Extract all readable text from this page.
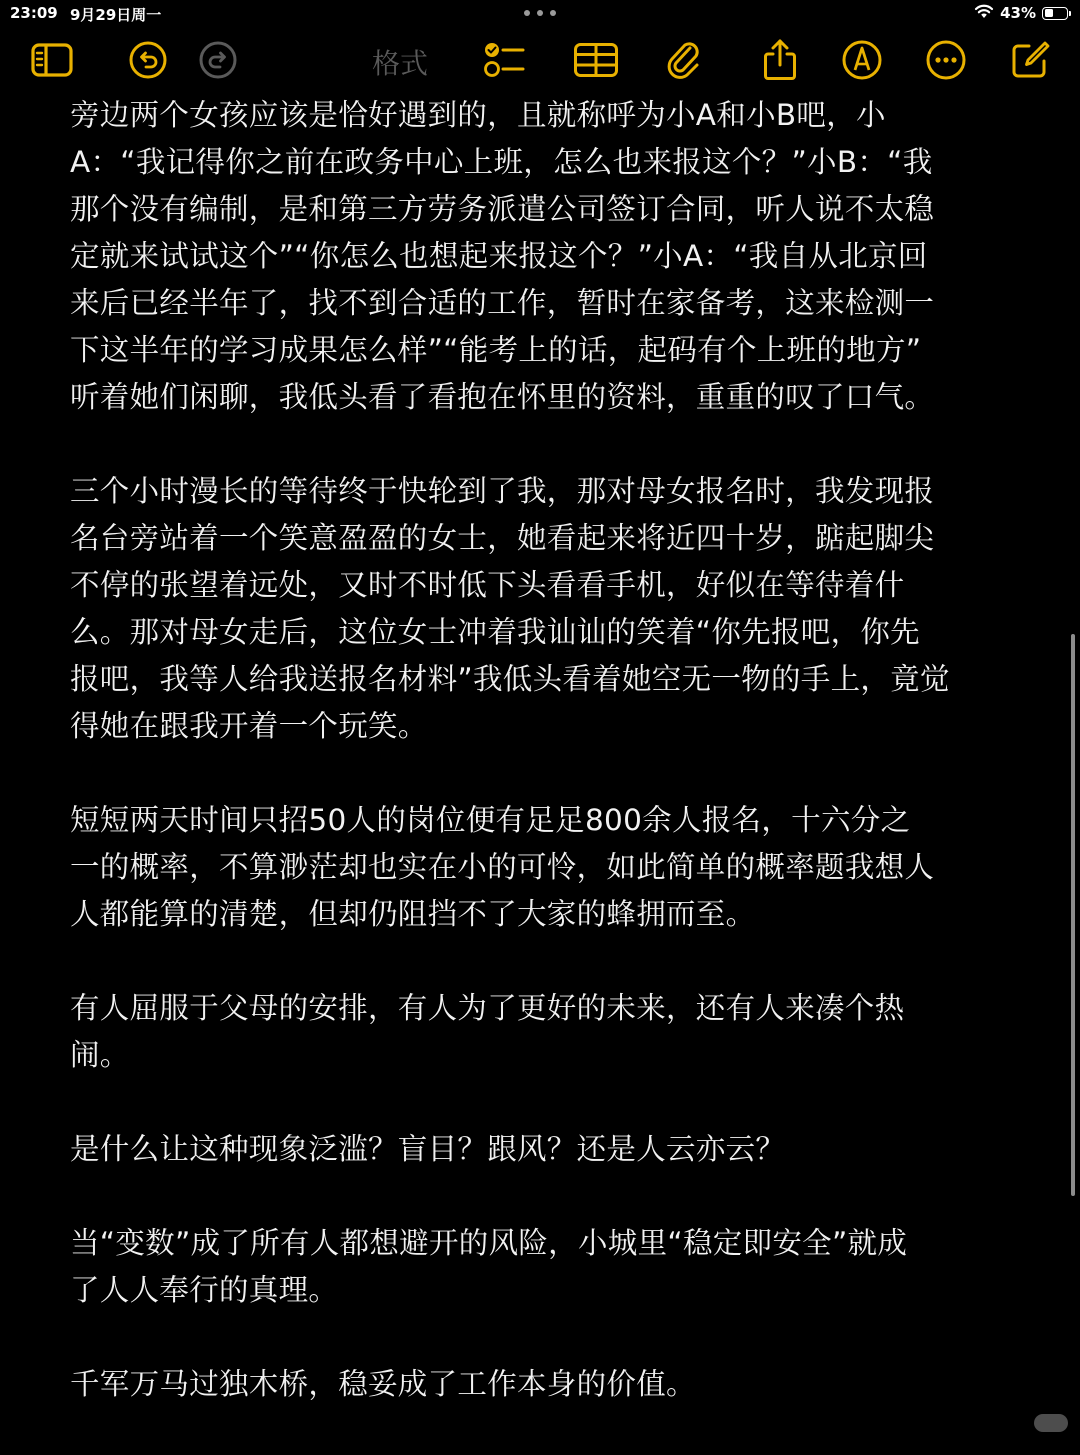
23:09 9月29日周一	43%
格式

旁边两个女孩应该是恰好遇到的，且就称呼为小A和小B吧，小
A：“我记得你之前在政务中心上班，怎么也来报这个？”小B：“我
那个没有编制，是和第三方劳务派遣公司签订合同，听人说不太稳
定就来试试这个”“你怎么也想起来报这个？”小A：“我自从北京回
来后已经半年了，找不到合适的工作，暂时在家备考，这来检测一
下这半年的学习成果怎么样”“能考上的话，起码有个上班的地方”
听着她们闲聊，我低头看了看抱在怀里的资料，重重的叹了口气。

三个小时漫长的等待终于快轮到了我，那对母女报名时，我发现报
名台旁站着一个笑意盈盈的女士，她看起来将近四十岁，踮起脚尖
不停的张望着远处，又时不时低下头看看手机，好似在等待着什
么。那对母女走后，这位女士冲着我讪讪的笑着“你先报吧，你先
报吧，我等人给我送报名材料”我低头看着她空无一物的手上，竟觉
得她在跟我开着一个玩笑。

短短两天时间只招50人的岗位便有足足800余人报名，十六分之
一的概率，不算渺茫却也实在小的可怜，如此简单的概率题我想人
人都能算的清楚，但却仍阻挡不了大家的蜂拥而至。

有人屈服于父母的安排，有人为了更好的未来，还有人来凑个热
闹。

是什么让这种现象泛滥？盲目？跟风？还是人云亦云？

当“变数”成了所有人都想避开的风险，小城里“稳定即安全”就成
了人人奉行的真理。

千军万马过独木桥，稳妥成了工作本身的价值。
